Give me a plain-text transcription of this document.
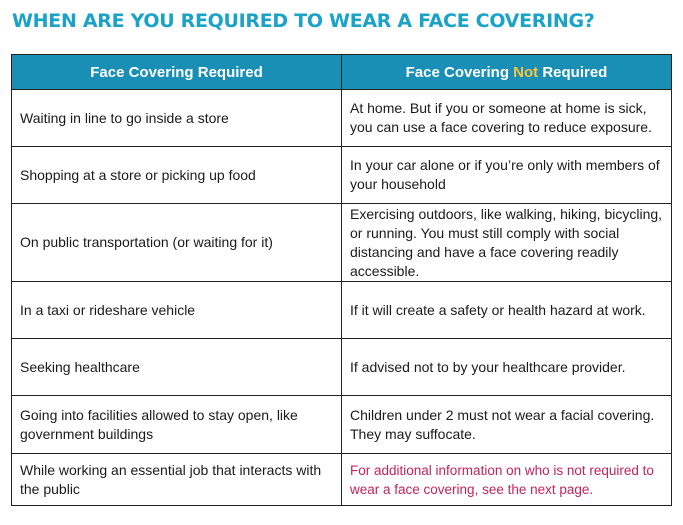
WHEN ARE YOU REQUIRED TO WEAR A FACE COVERING?
Face Covering Required	Face Covering Not Required
Waiting in line to go inside a store	At home. But if you or someone at home is sick, you can use a face covering to reduce exposure.
Shopping at a store or picking up food	In your car alone or if you’re only with members of your household
On public transportation (or waiting for it)	Exercising outdoors, like walking, hiking, bicycling, or running. You must still comply with social distancing and have a face covering readily accessible.
In a taxi or rideshare vehicle	If it will create a safety or health hazard at work.
Seeking healthcare	If advised not to by your healthcare provider.
Going into facilities allowed to stay open, like government buildings	Children under 2 must not wear a facial covering. They may suffocate.
While working an essential job that interacts with the public	For additional information on who is not required to wear a face covering, see the next page.
